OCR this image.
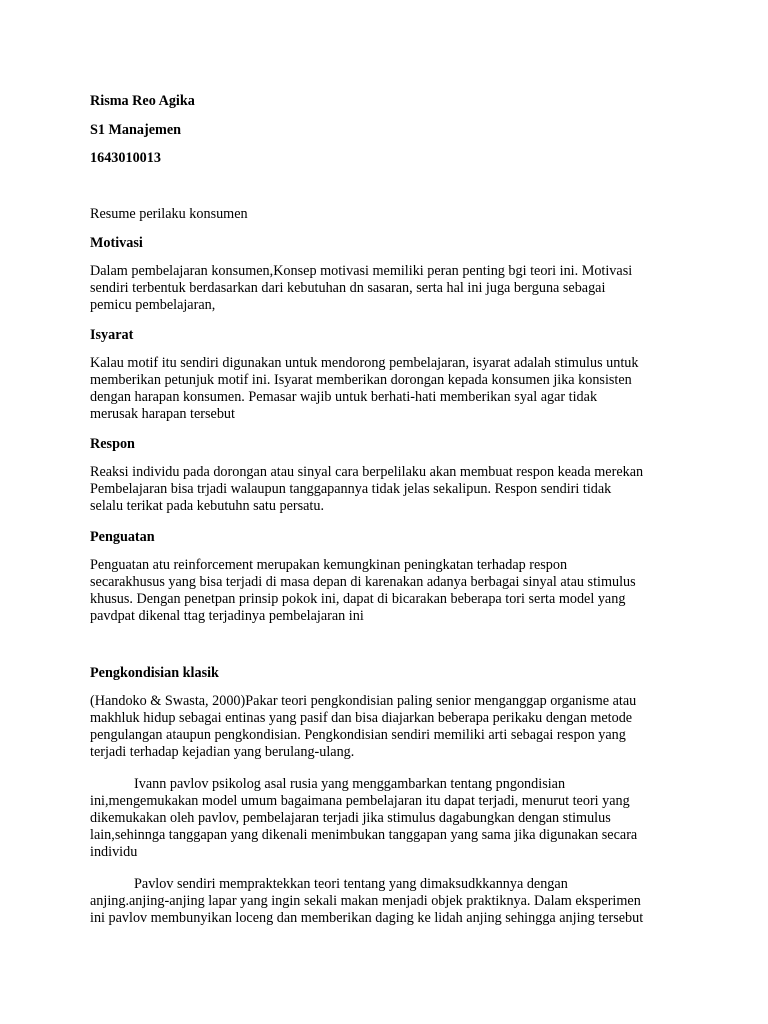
Risma Reo Agika
S1 Manajemen
1643010013
Resume perilaku konsumen
Motivasi
Dalam pembelajaran konsumen,Konsep motivasi memiliki peran penting bgi teori ini. Motivasi
sendiri terbentuk berdasarkan dari kebutuhan dn sasaran, serta hal ini juga berguna sebagai
pemicu pembelajaran,
Isyarat
Kalau motif itu sendiri digunakan untuk mendorong pembelajaran, isyarat adalah stimulus untuk
memberikan petunjuk motif ini. Isyarat memberikan dorongan kepada konsumen jika konsisten
dengan harapan konsumen. Pemasar wajib untuk berhati-hati memberikan syal agar tidak
merusak harapan tersebut
Respon
Reaksi individu pada dorongan atau sinyal cara berpelilaku akan membuat respon keada merekan
Pembelajaran bisa trjadi walaupun tanggapannya tidak jelas sekalipun. Respon sendiri tidak
selalu terikat pada kebutuhn satu persatu.
Penguatan
Penguatan atu reinforcement merupakan kemungkinan peningkatan terhadap respon
secarakhusus yang bisa terjadi di masa depan di karenakan adanya berbagai sinyal atau stimulus
khusus. Dengan penetpan prinsip pokok ini, dapat di bicarakan beberapa tori serta model yang
pavdpat dikenal ttag terjadinya pembelajaran ini
Pengkondisian klasik
(Handoko & Swasta, 2000)Pakar teori pengkondisian paling senior menganggap organisme atau
makhluk hidup sebagai entinas yang pasif dan bisa diajarkan beberapa perikaku dengan metode
pengulangan ataupun pengkondisian. Pengkondisian sendiri memiliki arti sebagai respon yang
terjadi terhadap kejadian yang berulang-ulang.
Ivann pavlov psikolog asal rusia yang menggambarkan tentang pngondisian
ini,mengemukakan model umum bagaimana pembelajaran itu dapat terjadi, menurut teori yang
dikemukakan oleh pavlov, pembelajaran terjadi jika stimulus dagabungkan dengan stimulus
lain,sehinnga tanggapan yang dikenali menimbukan tanggapan yang sama jika digunakan secara
individu
Pavlov sendiri mempraktekkan teori tentang yang dimaksudkkannya dengan
anjing.anjing-anjing lapar yang ingin sekali makan menjadi objek praktiknya. Dalam eksperimen
ini pavlov membunyikan loceng dan memberikan daging ke lidah anjing sehingga anjing tersebut
